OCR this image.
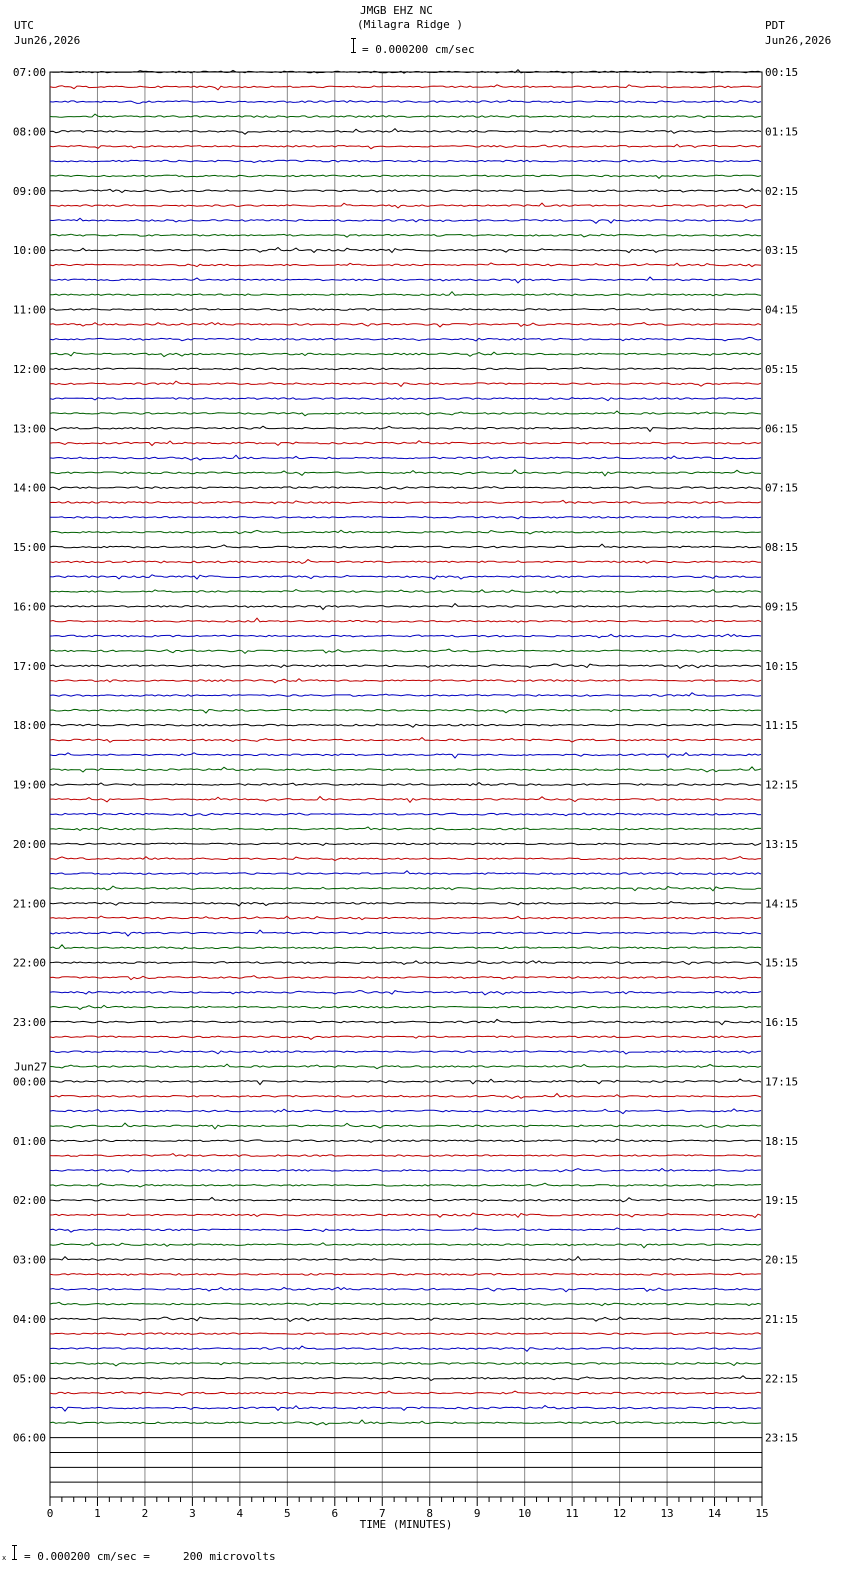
JMGB EHZ NC
(Milagra Ridge )
= 0.000200 cm/sec
UTC
Jun26,2026
PDT
Jun26,2026
07:00	00:15
08:00	01:15
09:00	02:15
10:00	03:15
11:00	04:15
12:00	05:15
13:00	06:15
14:00	07:15
15:00	08:15
16:00	09:15
17:00	10:15
18:00	11:15
19:00	12:15
20:00	13:15
21:00	14:15
22:00	15:15
23:00	16:15
00:00	17:15
01:00	18:15
02:00	19:15
03:00	20:15
04:00	21:15
05:00	22:15
06:00	23:15
Jun27
0	1	2	3	4	5	6	7	8	9	10	11	12	13	14	15
TIME (MINUTES)
x = 0.000200 cm/sec =     200 microvolts
